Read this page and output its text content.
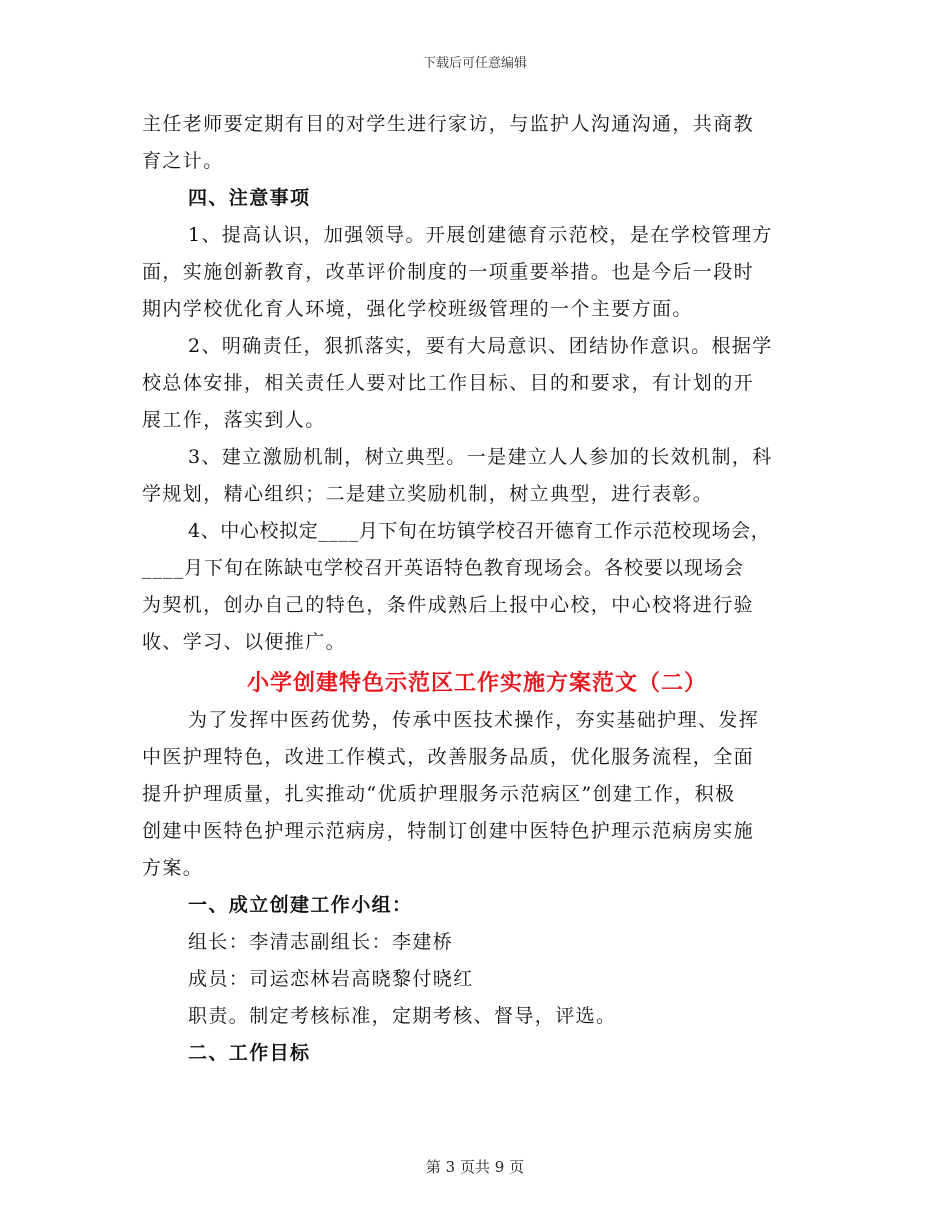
下载后可任意编辑

主任老师要定期有目的对学生进行家访，与监护人沟通沟通，共商教

育之计。

四、注意事项

1、提高认识，加强领导。开展创建德育示范校，是在学校管理方

面，实施创新教育，改革评价制度的一项重要举措。也是今后一段时

期内学校优化育人环境，强化学校班级管理的一个主要方面。

2、明确责任，狠抓落实，要有大局意识、团结协作意识。根据学

校总体安排，相关责任人要对比工作目标、目的和要求，有计划的开

展工作，落实到人。

3、建立激励机制，树立典型。一是建立人人参加的长效机制，科

学规划，精心组织；二是建立奖励机制，树立典型，进行表彰。

4、中心校拟定____月下旬在坊镇学校召开德育工作示范校现场会，

____月下旬在陈缺屯学校召开英语特色教育现场会。各校要以现场会

为契机，创办自己的特色，条件成熟后上报中心校，中心校将进行验

收、学习、以便推广。

小学创建特色示范区工作实施方案范文（二）

为了发挥中医药优势，传承中医技术操作，夯实基础护理、发挥

中医护理特色，改进工作模式，改善服务品质，优化服务流程，全面

提升护理质量，扎实推动“优质护理服务示范病区”创建工作，积极

创建中医特色护理示范病房，特制订创建中医特色护理示范病房实施

方案。

一、成立创建工作小组：

组长：李清志副组长：李建桥

成员：司运恋林岩高晓黎付晓红

职责。制定考核标准，定期考核、督导，评选。

二、工作目标

第 3 页共 9 页
